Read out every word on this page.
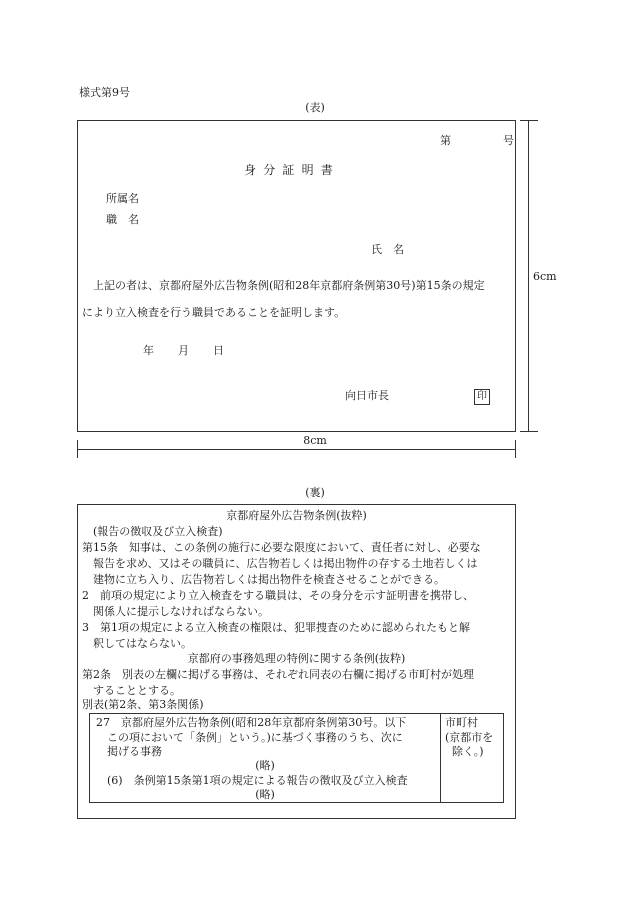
様式第9号
(表)
第	号
身分証明書
所属名
職　名
氏　名
上記の者は、京都府屋外広告物条例(昭和28年京都府条例第30号)第15条の規定
により立入検査を行う職員であることを証明します。
年 月 日
向日市長	印
6cm
8cm
(裏)
京都府屋外広告物条例(抜粋)
(報告の徴収及び立入検査)
第15条　知事は、この条例の施行に必要な限度において、責任者に対し、必要な
報告を求め、又はその職員に、広告物若しくは掲出物件の存する土地若しくは
建物に立ち入り、広告物若しくは掲出物件を検査させることができる。
2　前項の規定により立入検査をする職員は、その身分を示す証明書を携帯し、
関係人に提示しなければならない。
3　第1項の規定による立入検査の権限は、犯罪捜査のために認められたもと解
釈してはならない。
京都府の事務処理の特例に関する条例(抜粋)
第2条　別表の左欄に掲げる事務は、それぞれ同表の右欄に掲げる市町村が処理
することとする。
別表(第2条、第3条関係)
27　京都府屋外広告物条例(昭和28年京都府条例第30号。以下
この項において「条例」という。)に基づく事務のうち、次に
掲げる事務
(略)
(6)　条例第15条第1項の規定による報告の徴収及び立入検査
(略)
市町村
(京都市を
除く。)
